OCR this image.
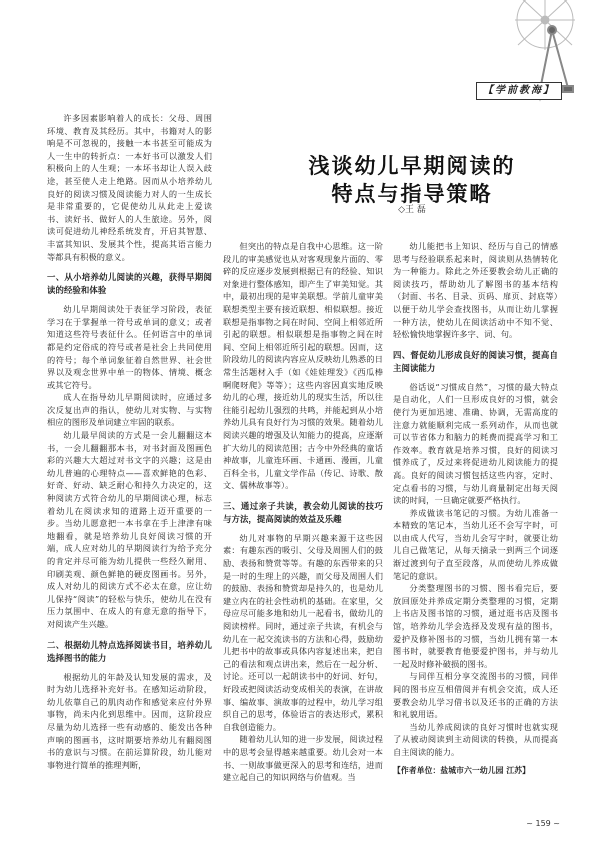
【学前教海】
浅谈幼儿早期阅读的
特点与指导策略
◇王 磊

许多因素影响着人的成长：父母、周围环境、教育及其经历。其中，书籍对人的影响是不可忽视的，接触一本书甚至可能成为人一生中的转折点：一本好书可以激发人们积极向上的人生观；一本坏书却让人误入歧途，甚至使人走上绝路。因而从小培养幼儿良好的阅读习惯及阅读能力对人的一生成长是非常重要的，它促使幼儿从此走上爱读书、读好书、做好人的人生旅途。另外，阅读可促进幼儿神经系统发育，开启其智慧、丰富其知识、发展其个性，提高其语言能力等都具有积极的意义。

一、从小培养幼儿阅读的兴趣，获得早期阅读的经验和体验

幼儿早期阅读处于表征学习阶段，表征学习在于掌握单一符号或单词的意义；或者知道这些符号表征什么。任何语言中的单词都是约定俗成的符号或者是社会上共同使用的符号；每个单词象征着自然世界、社会世界以及观念世界中单一的物体、情境、概念或其它符号。

成人在指导幼儿早期阅读时，应通过多次反复出声的指认，使幼儿对实物、与实物相应的图形及单词建立牢固的联系。

幼儿最早阅读的方式是一会儿翻翻这本书，一会儿翻翻那本书，对书封面及图画色彩的兴趣大大超过对书文字的兴趣；这是由幼儿普遍的心理特点——喜欢鲜艳的色彩、好奇、好动、缺乏耐心和持久力决定的，这种阅读方式符合幼儿的早期阅读心理，标志着幼儿在阅读求知的道路上迈开重要的一步。当幼儿愿意把一本书拿在手上津津有味地翻看，就是培养幼儿良好阅读习惯的开端，成人应对幼儿的早期阅读行为给予充分的肯定并尽可能为幼儿提供一些经久耐用、印刷美观、颜色鲜艳的硬皮图画书。另外，成人对幼儿的阅读方式不必太在意，应让幼儿保持“阅读”的轻松与快乐，使幼儿在没有压力氛围中、在成人的有意无意的指导下，对阅读产生兴趣。

二、根据幼儿特点选择阅读书目，培养幼儿选择图书的能力

根据幼儿的年龄及认知发展的需求，及时为幼儿选择补充好书。在感知运动阶段，幼儿依靠自己的肌肉动作和感觉来应付外界事物，尚未内化到思维中。因而，这阶段应尽量为幼儿选择一些有动感的、能发出各种声响的图画书，这时期要培养幼儿有翻阅图书的意识与习惯。在前运算阶段，幼儿能对事物进行简单的推理判断，

但突出的特点是自我中心思维。这一阶段儿的审美感觉也从对客观现象片面的、零碎的反应逐步发展到根据已有的经验、知识对象进行整体感知，即产生了审美知觉。其中，最初出现的是审美联想。学前儿童审美联想类型主要有接近联想、相似联想。接近联想是指事物之间在时间、空间上相邻近所引起的联想。相似联想是指事物之间在时间、空间上相邻近所引起的联想。因而，这阶段幼儿的阅读内容应从反映幼儿熟悉的日常生活题材入手（如《娃娃理发》《西瓜棒啊爬呀爬》等等）；这些内容因真实地反映幼儿的心理，接近幼儿的现实生活，所以往往能引起幼儿强烈的共鸣，并能起到从小培养幼儿具有良好行为习惯的效果。随着幼儿阅读兴趣的增强及认知能力的提高，应逐渐扩大幼儿的阅读范围；古今中外经典的童话神故事，儿童连环画、卡通画、漫画，儿童百科全书，儿童文学作品（传记、诗歌、散文、儒林故事等）。

三、通过亲子共读，教会幼儿阅读的技巧与方法，提高阅读的效益及乐趣

幼儿对事物的早期兴趣来源于这些因素：有趣东西的吸引、父母及周围人们的鼓励、表扬和赞赏等等。有趣的东西带来的只是一时的生理上的兴趣，而父母及周围人们的鼓励、表扬和赞赏却是持久的，也是幼儿建立内在的社会性动机的基础。在家里，父母应尽可能多地和幼儿一起看书，做幼儿的阅读榜样。同时，通过亲子共读，有机会与幼儿在一起交流读书的方法和心得，鼓励幼儿把书中的故事或具体内容复述出来，把自己的看法和观点讲出来，然后在一起分析、讨论。还可以一起朗读书中的好词、好句，好段或把阅读活动变成相关的表演，在讲故事、编故事、演故事的过程中，幼儿学习组织自己的思考，体验语言的表达形式，累积自我创造能力。

随着幼儿认知的进一步发展，阅读过程中的思考会显得越来越重要。幼儿会对一本书、一则故事做更深入的思考和连结，进而建立起自己的知识网络与价值观。当

幼儿能把书上知识、经历与自己的情感思考与经验联系起来时，阅读则从热情转化为一种能力。除此之外还要教会幼儿正确的阅读技巧，帮助幼儿了解图书的基本结构（封面、书名、目录、页码、扉页、封底等）以便于幼儿学会查找图书，从而让幼儿掌握一种方法，使幼儿在阅读活动中不知不觉、轻松愉快地掌握许多字、词、句。

四、督促幼儿形成良好的阅读习惯，提高自主阅读能力

俗话说“习惯成自然”，习惯的最大特点是自动化，人们一旦形成良好的习惯，就会使行为更加迅速、准确、协调，无需高度的注意力就能顺利完成一系列动作，从而也就可以节省体力和脑力的耗费而提高学习和工作效率。教育就是培养习惯，良好的阅读习惯养成了，反过来将促进幼儿阅读能力的提高。良好的阅读习惯包括这些内容，定时、定点看书的习惯，与幼儿商量制定出每天阅读的时间，一旦确定就要严格执行。

养成做读书笔记的习惯。为幼儿准备一本精致的笔记本，当幼儿还不会写字时，可以由成人代写，当幼儿会写字时，就要让幼儿自己做笔记，从每天摘录一到两三个词逐渐过渡到句子直至段落，从而使幼儿养成做笔记的意识。

分类整理图书的习惯、图书看完后，要放回原处并养成定期分类整理的习惯，定期上书店及图书馆的习惯，通过逛书店及图书馆，培养幼儿学会选择及发现有益的图书，爱护及修补图书的习惯，当幼儿拥有第一本图书时，就要教育他要爱护图书，并与幼儿一起及时修补破损的图书。

与同伴互相分享交流图书的习惯，同伴间的图书应互相借阅并有机会交流，成人还要教会幼儿学习借书以及还书的正确的方法和礼貌用语。

当幼儿养成阅读的良好习惯时也就实现了从被动阅读到主动阅读的转换，从而提高自主阅读的能力。

【作者单位：盐城市六一幼儿园 江苏】

~ 159 ~
